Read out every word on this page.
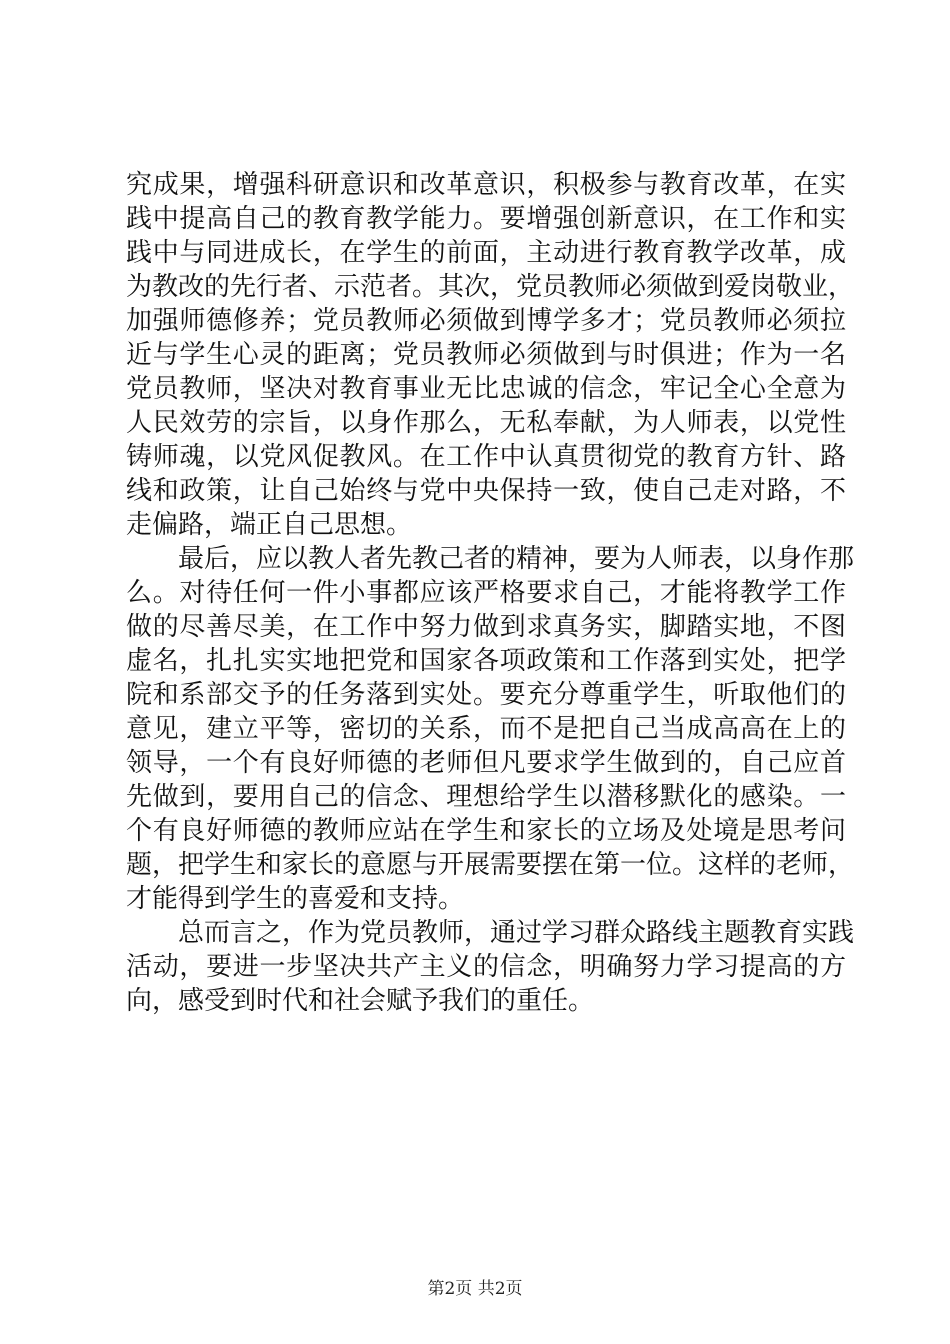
究成果，增强科研意识和改革意识，积极参与教育改革，在实
践中提高自己的教育教学能力。要增强创新意识，在工作和实
践中与同进成长，在学生的前面，主动进行教育教学改革，成
为教改的先行者、示范者。其次，党员教师必须做到爱岗敬业，
加强师德修养；党员教师必须做到博学多才；党员教师必须拉
近与学生心灵的距离；党员教师必须做到与时俱进；作为一名
党员教师，坚决对教育事业无比忠诚的信念，牢记全心全意为
人民效劳的宗旨，以身作那么，无私奉献，为人师表，以党性
铸师魂，以党风促教风。在工作中认真贯彻党的教育方针、路
线和政策，让自己始终与党中央保持一致，使自己走对路，不
走偏路，端正自己思想。
最后，应以教人者先教己者的精神，要为人师表，以身作那
么。对待任何一件小事都应该严格要求自己，才能将教学工作
做的尽善尽美，在工作中努力做到求真务实，脚踏实地，不图
虚名，扎扎实实地把党和国家各项政策和工作落到实处，把学
院和系部交予的任务落到实处。要充分尊重学生，听取他们的
意见，建立平等，密切的关系，而不是把自己当成高高在上的
领导，一个有良好师德的老师但凡要求学生做到的，自己应首
先做到，要用自己的信念、理想给学生以潜移默化的感染。一
个有良好师德的教师应站在学生和家长的立场及处境是思考问
题，把学生和家长的意愿与开展需要摆在第一位。这样的老师，
才能得到学生的喜爱和支持。
总而言之，作为党员教师，通过学习群众路线主题教育实践
活动，要进一步坚决共产主义的信念，明确努力学习提高的方
向，感受到时代和社会赋予我们的重任。
第2页 共2页
